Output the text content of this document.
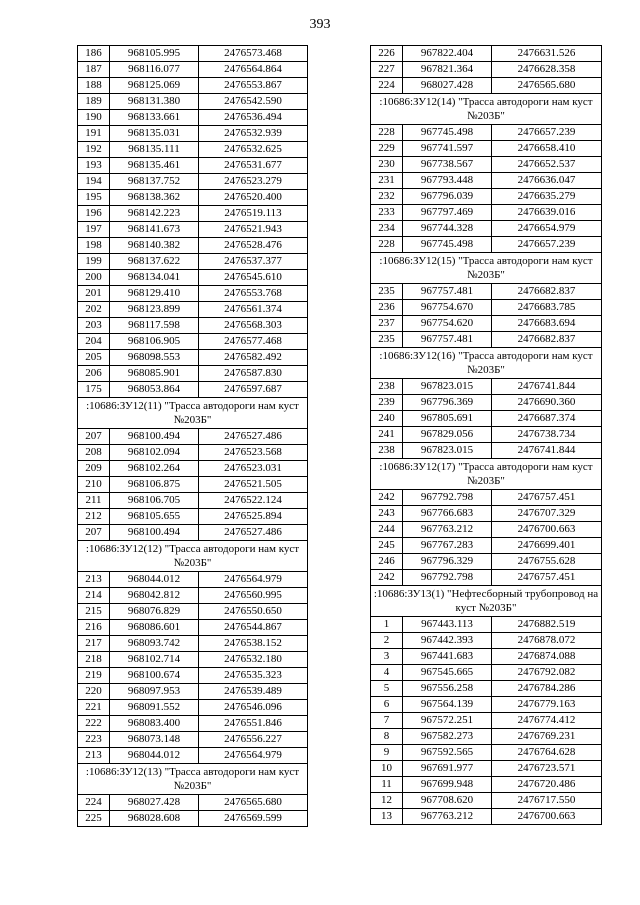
393
186	968105.995	2476573.468
187	968116.077	2476564.864
188	968125.069	2476553.867
189	968131.380	2476542.590
190	968133.661	2476536.494
191	968135.031	2476532.939
192	968135.111	2476532.625
193	968135.461	2476531.677
194	968137.752	2476523.279
195	968138.362	2476520.400
196	968142.223	2476519.113
197	968141.673	2476521.943
198	968140.382	2476528.476
199	968137.622	2476537.377
200	968134.041	2476545.610
201	968129.410	2476553.768
202	968123.899	2476561.374
203	968117.598	2476568.303
204	968106.905	2476577.468
205	968098.553	2476582.492
206	968085.901	2476587.830
175	968053.864	2476597.687
:10686:ЗУ12(11) "Трасса автодороги нам куст №203Б"		
207	968100.494	2476527.486
208	968102.094	2476523.568
209	968102.264	2476523.031
210	968106.875	2476521.505
211	968106.705	2476522.124
212	968105.655	2476525.894
207	968100.494	2476527.486
:10686:ЗУ12(12) "Трасса автодороги нам куст №203Б"		
213	968044.012	2476564.979
214	968042.812	2476560.995
215	968076.829	2476550.650
216	968086.601	2476544.867
217	968093.742	2476538.152
218	968102.714	2476532.180
219	968100.674	2476535.323
220	968097.953	2476539.489
221	968091.552	2476546.096
222	968083.400	2476551.846
223	968073.148	2476556.227
213	968044.012	2476564.979
:10686:ЗУ12(13) "Трасса автодороги нам куст №203Б"		
224	968027.428	2476565.680
225	968028.608	2476569.599
226	967822.404	2476631.526
227	967821.364	2476628.358
224	968027.428	2476565.680
:10686:ЗУ12(14) "Трасса автодороги нам куст №203Б"		
228	967745.498	2476657.239
229	967741.597	2476658.410
230	967738.567	2476652.537
231	967793.448	2476636.047
232	967796.039	2476635.279
233	967797.469	2476639.016
234	967744.328	2476654.979
228	967745.498	2476657.239
:10686:ЗУ12(15) "Трасса автодороги нам куст №203Б"		
235	967757.481	2476682.837
236	967754.670	2476683.785
237	967754.620	2476683.694
235	967757.481	2476682.837
:10686:ЗУ12(16) "Трасса автодороги нам куст №203Б"		
238	967823.015	2476741.844
239	967796.369	2476690.360
240	967805.691	2476687.374
241	967829.056	2476738.734
238	967823.015	2476741.844
:10686:ЗУ12(17) "Трасса автодороги нам куст №203Б"		
242	967792.798	2476757.451
243	967766.683	2476707.329
244	967763.212	2476700.663
245	967767.283	2476699.401
246	967796.329	2476755.628
242	967792.798	2476757.451
:10686:ЗУ13(1) "Нефтесборный трубопровод на куст №203Б"		
1	967443.113	2476882.519
2	967442.393	2476878.072
3	967441.683	2476874.088
4	967545.665	2476792.082
5	967556.258	2476784.286
6	967564.139	2476779.163
7	967572.251	2476774.412
8	967582.273	2476769.231
9	967592.565	2476764.628
10	967691.977	2476723.571
11	967699.948	2476720.486
12	967708.620	2476717.550
13	967763.212	2476700.663
